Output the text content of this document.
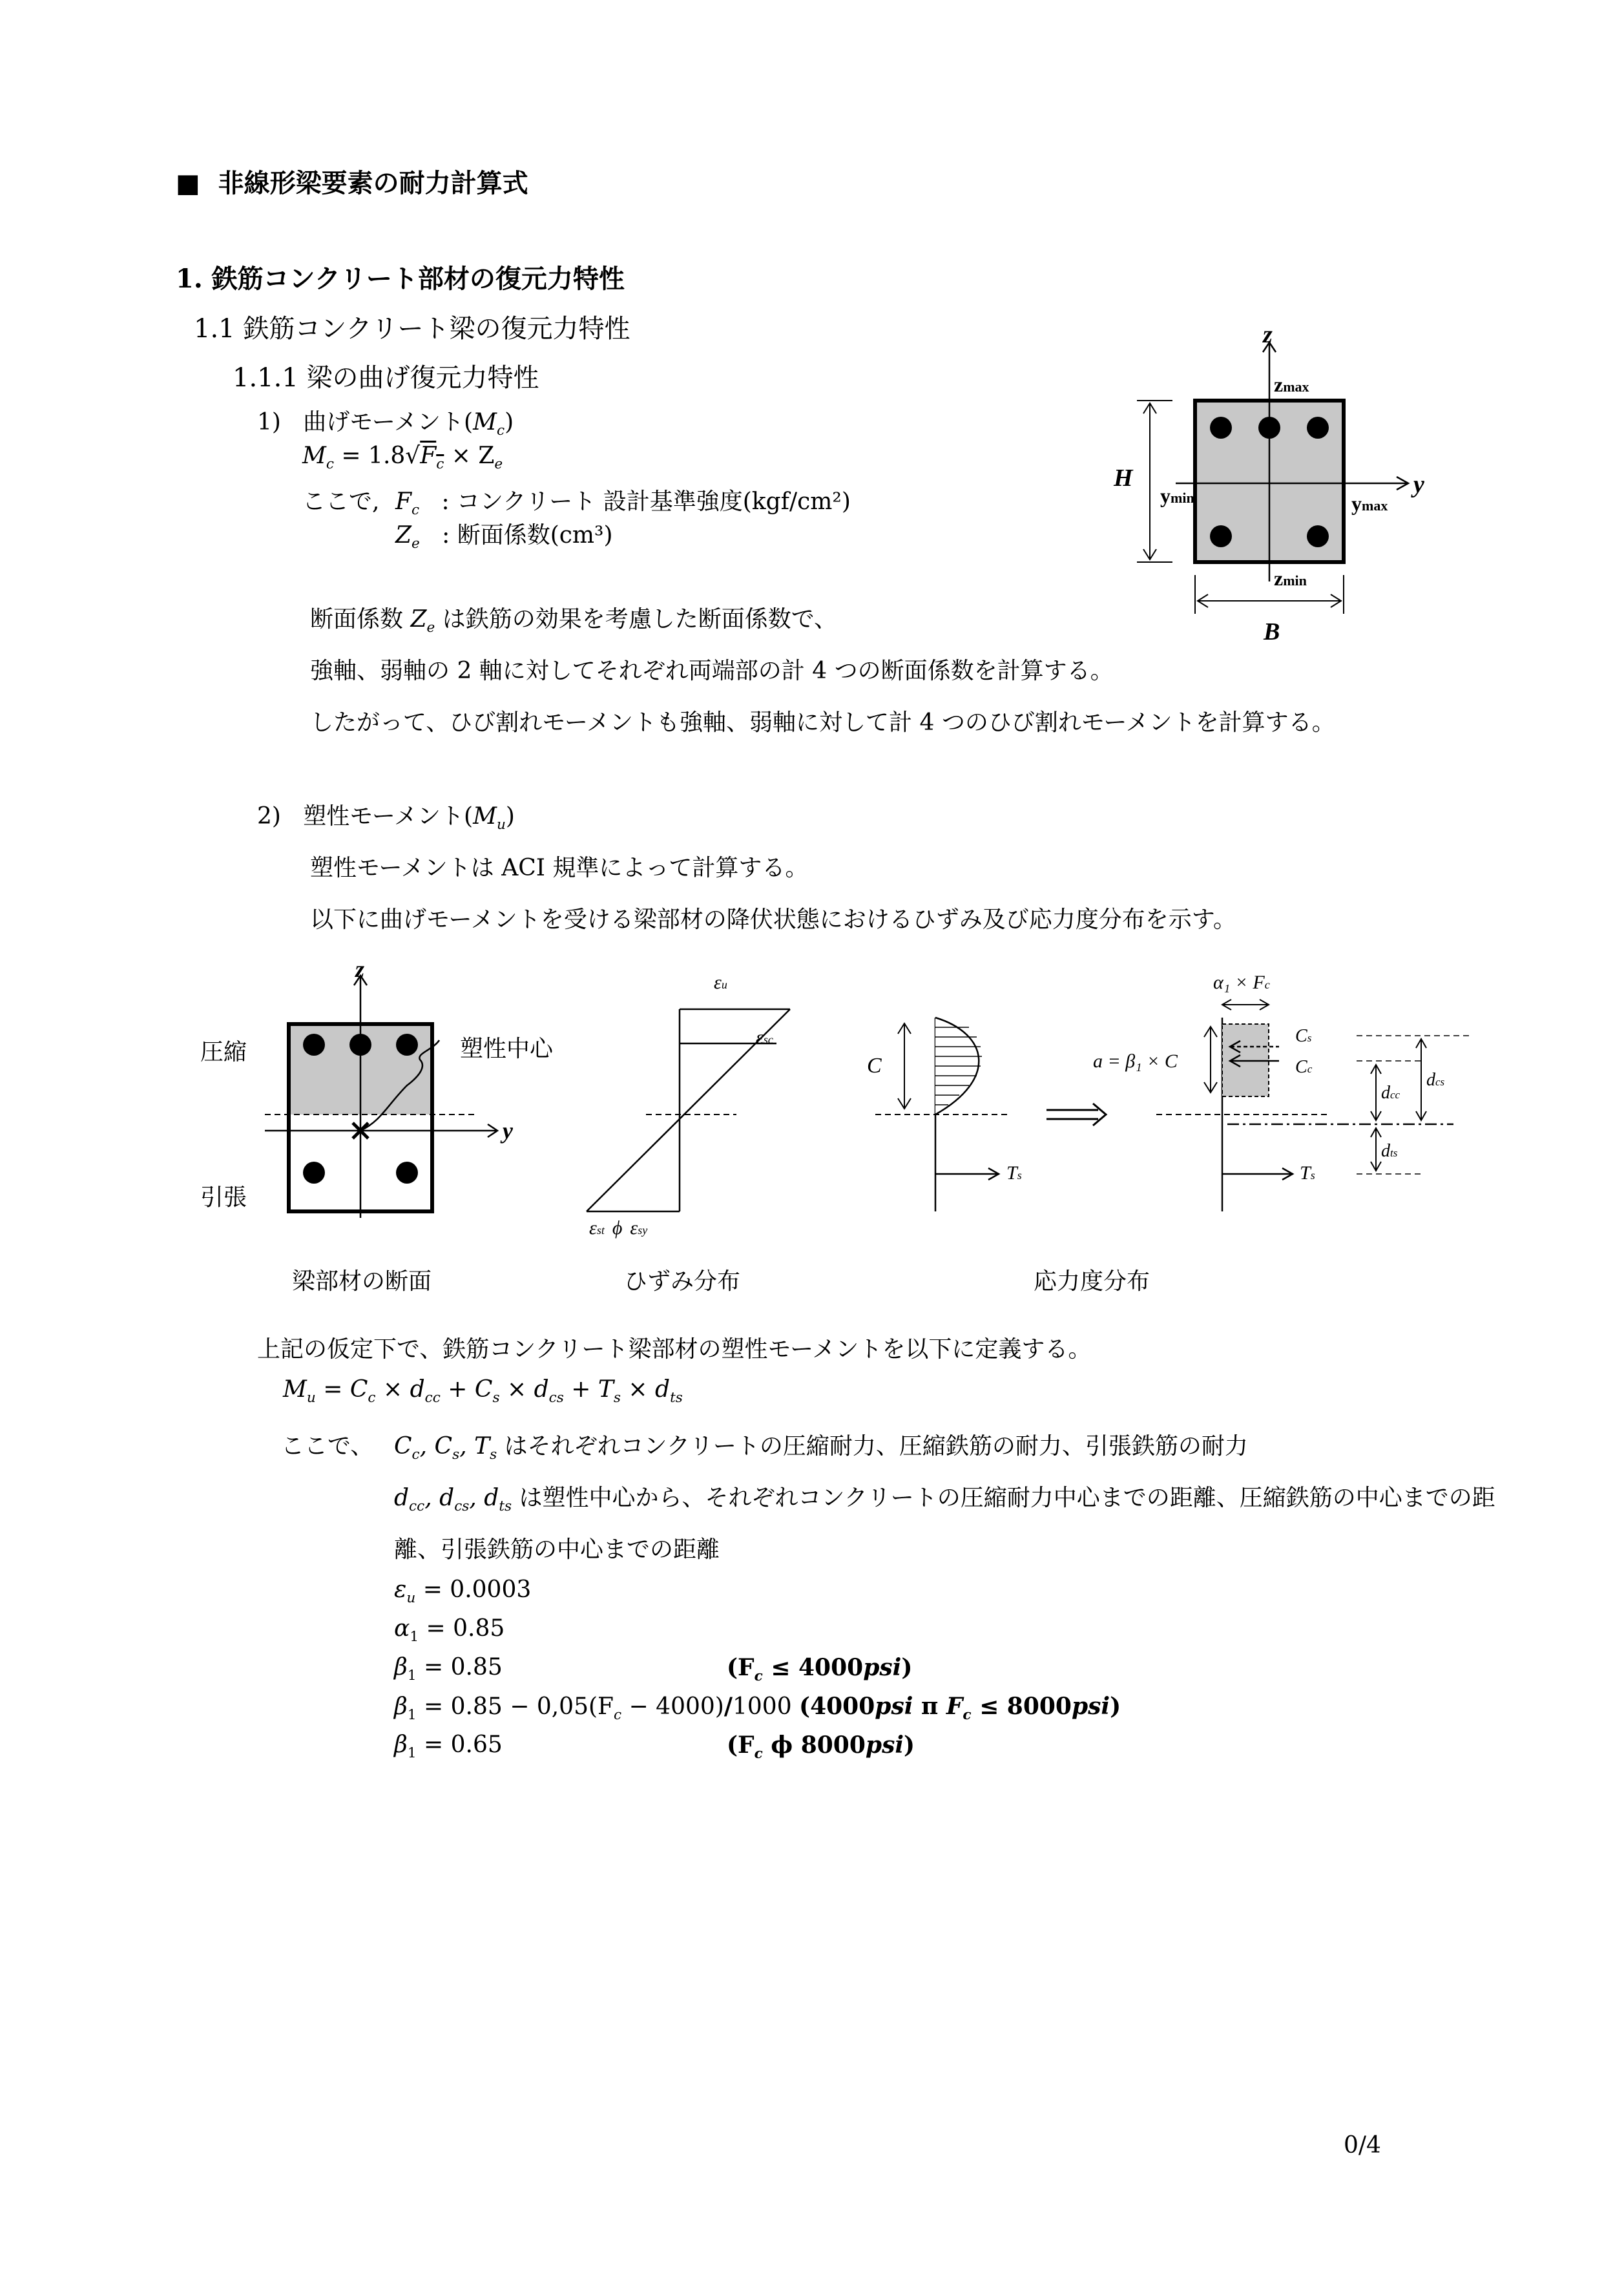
■ 非線形梁要素の耐力計算式
1. 鉄筋コンクリート部材の復元力特性
1.1 鉄筋コンクリート梁の復元力特性
1.1.1 梁の曲げ復元力特性
1) 曲げモーメント$(M_c)$
$M_c = 1.8√F_c \times Z_e$
ここで, $F_c$ : コンクリート 設計基準強度(kgf/cm²)
$Z_e$ : 断面係数(cm³)
断面係数 $Z_e$ は鉄筋の効果を考慮した断面係数で、
強軸、弱軸の 2 軸に対してそれぞれ両端部の計 4 つの断面係数を計算する。
したがって、ひび割れモーメントも強軸、弱軸に対して計 4 つのひび割れモーメントを計算する。
z
y
H
B
zmax
zmin
ymin	ymax
2) 塑性モーメント$(M_u)$
塑性モーメントは ACI 規準によって計算する。
以下に曲げモーメントを受ける梁部材の降伏状態におけるひずみ及び応力度分布を示す。
圧縮
引張
塑性中心
z
y
εu
εsc
εst ϕ εsy
C
Ts
α₁ × Fc
a = β₁ × C
Cs
Cc
dcc
dcs
dts
Ts
梁部材の断面	ひずみ分布	応力度分布
上記の仮定下で、鉄筋コンクリート梁部材の塑性モーメントを以下に定義する。
$M_u = C_c \times d_{cc} + C_s \times d_{cs} + T_s \times d_{ts}$
ここで、 $C_c$, $C_s$, $T_s$ はそれぞれコンクリートの圧縮耐力、圧縮鉄筋の耐力、引張鉄筋の耐力
$d_{cc}$, $d_{cs}$, $d_{ts}$ は塑性中心から、それぞれコンクリートの圧縮耐力中心までの距離、圧縮鉄筋の中心までの距
離、引張鉄筋の中心までの距離
$\varepsilon_u = 0.0003$
$\alpha_1 = 0.85$
$\beta_1 = 0.85$	$(F_c \le 4000psi)$
$\beta_1 = 0.85 - 0,05(F_c - 4000)/1000$ (4000psi π $F_c \le 8000psi$)
$\beta_1 = 0.65$	($F_c$ ϕ 8000psi)
0/4
